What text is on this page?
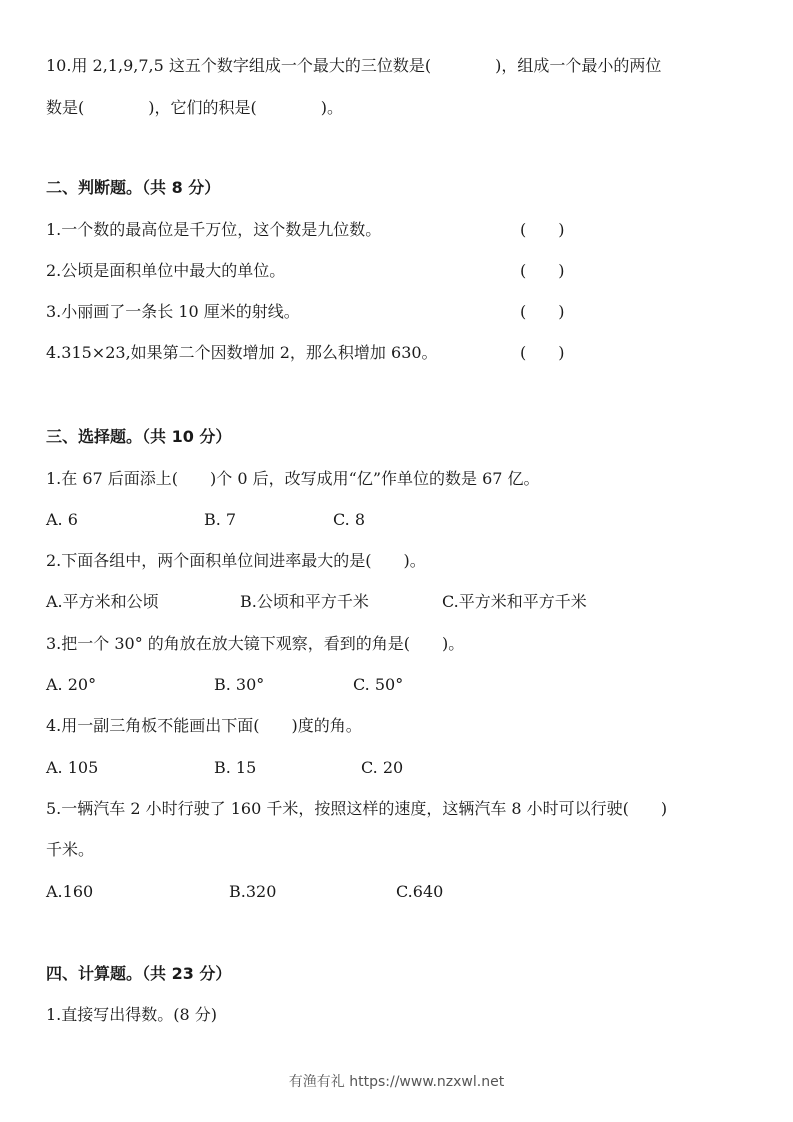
10.用 2,1,9,7,5 这五个数字组成一个最大的三位数是(　　　　)，组成一个最小的两位
数是(　　　　)，它们的积是(　　　　)。
二、判断题。（共 8 分）
1.一个数的最高位是千万位，这个数是九位数。	(　　)
2.公顷是面积单位中最大的单位。	(　　)
3.小丽画了一条长 10 厘米的射线。	(　　)
4.315×23,如果第二个因数增加 2，那么积增加 630。	(　　)
三、选择题。（共 10 分）
1.在 67 后面添上(　　)个 0 后，改写成用“亿”作单位的数是 67 亿。
A. 6	B. 7	C. 8
2.下面各组中，两个面积单位间进率最大的是(　　)。
A.平方米和公顷	B.公顷和平方千米	C.平方米和平方千米
3.把一个 30° 的角放在放大镜下观察，看到的角是(　　)。
A. 20°	B. 30°	C. 50°
4.用一副三角板不能画出下面(　　)度的角。
A. 105	B. 15	C. 20
5.一辆汽车 2 小时行驶了 160 千米，按照这样的速度，这辆汽车 8 小时可以行驶(　　)
千米。
A.160	B.320	C.640
四、计算题。（共 23 分）
1.直接写出得数。(8 分)
有渔有礼 https://www.nzxwl.net
